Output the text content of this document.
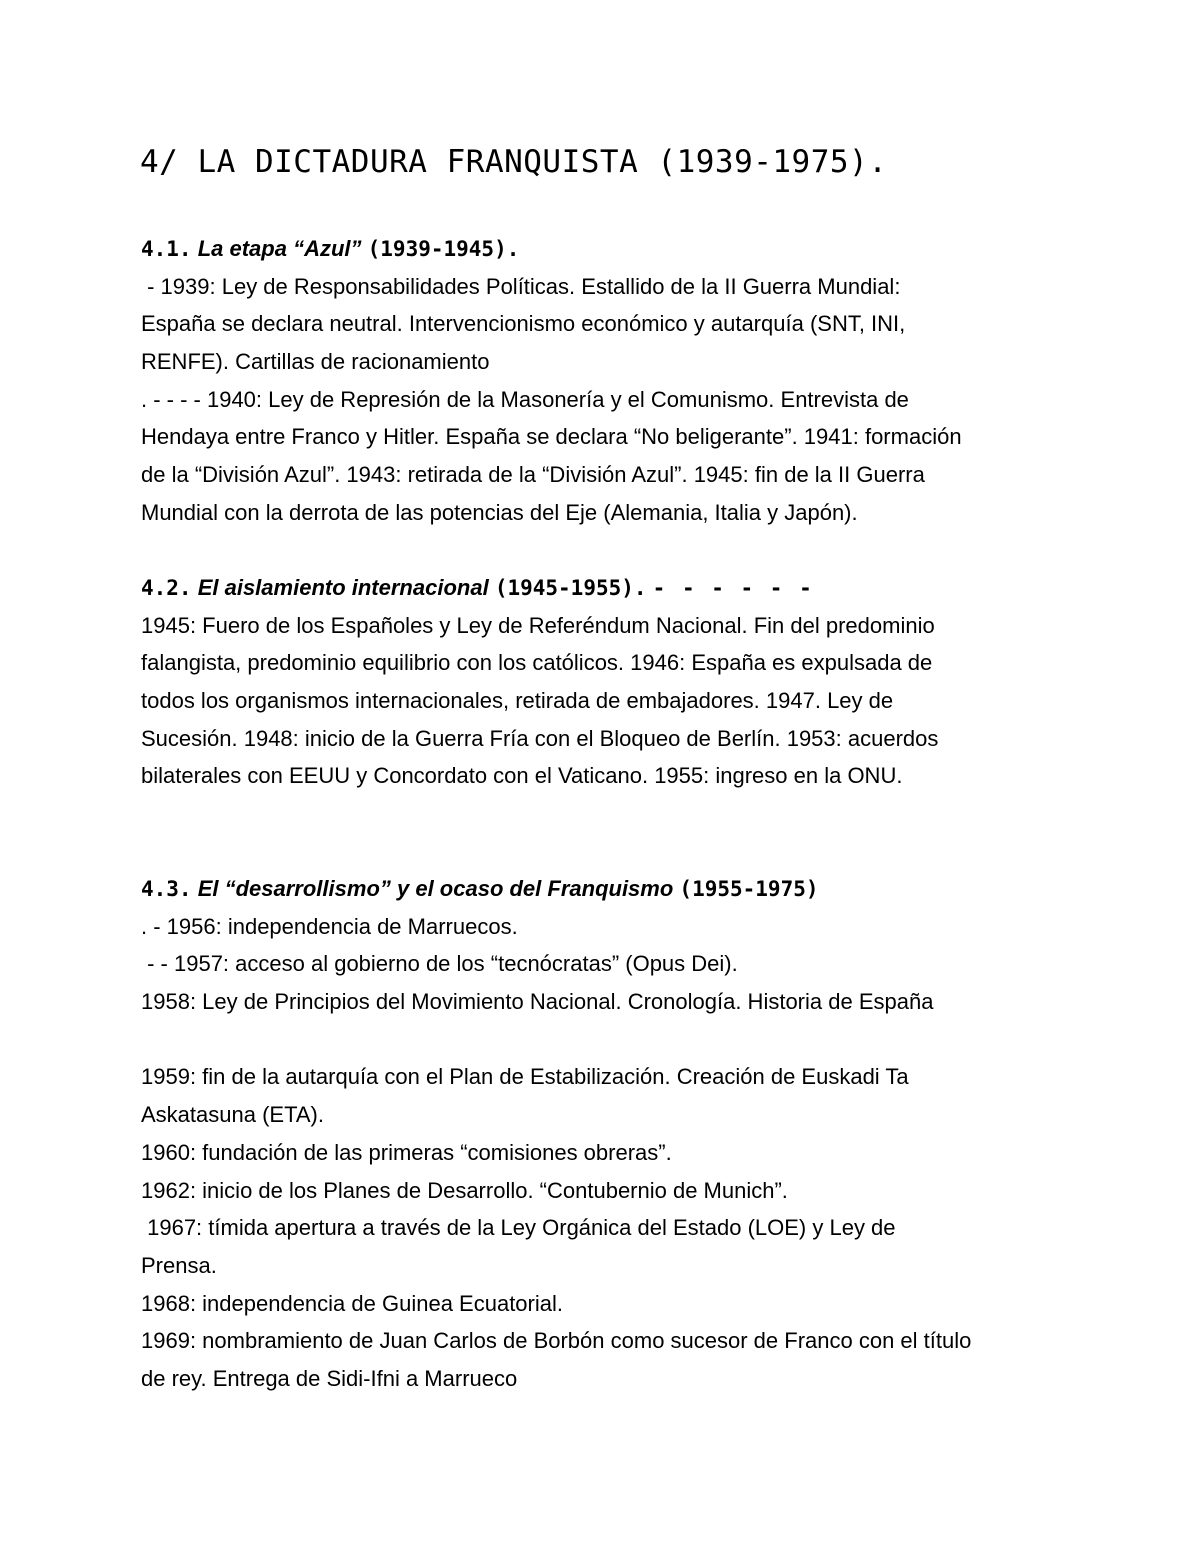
4/ LA DICTADURA FRANQUISTA (1939-1975).
4.1. La etapa “Azul” (1939-1945).
- 1939: Ley de Responsabilidades Políticas. Estallido de la II Guerra Mundial:
España se declara neutral. Intervencionismo económico y autarquía (SNT, INI,
RENFE). Cartillas de racionamiento
. - - - - 1940: Ley de Represión de la Masonería y el Comunismo. Entrevista de
Hendaya entre Franco y Hitler. España se declara “No beligerante”. 1941: formación
de la “División Azul”. 1943: retirada de la “División Azul”. 1945: fin de la II Guerra
Mundial con la derrota de las potencias del Eje (Alemania, Italia y Japón).
4.2. El aislamiento internacional (1945-1955). - - - - - -
1945: Fuero de los Españoles y Ley de Referéndum Nacional. Fin del predominio
falangista, predominio equilibrio con los católicos. 1946: España es expulsada de
todos los organismos internacionales, retirada de embajadores. 1947. Ley de
Sucesión. 1948: inicio de la Guerra Fría con el Bloqueo de Berlín. 1953: acuerdos
bilaterales con EEUU y Concordato con el Vaticano. 1955: ingreso en la ONU.
4.3. El “desarrollismo” y el ocaso del Franquismo (1955-1975)
. - 1956: independencia de Marruecos.
- - 1957: acceso al gobierno de los “tecnócratas” (Opus Dei).
1958: Ley de Principios del Movimiento Nacional. Cronología. Historia de España
1959: fin de la autarquía con el Plan de Estabilización. Creación de Euskadi Ta
Askatasuna (ETA).
1960: fundación de las primeras “comisiones obreras”.
1962: inicio de los Planes de Desarrollo. “Contubernio de Munich”.
1967: tímida apertura a través de la Ley Orgánica del Estado (LOE) y Ley de
Prensa.
1968: independencia de Guinea Ecuatorial.
1969: nombramiento de Juan Carlos de Borbón como sucesor de Franco con el título
de rey. Entrega de Sidi-Ifni a Marrueco
